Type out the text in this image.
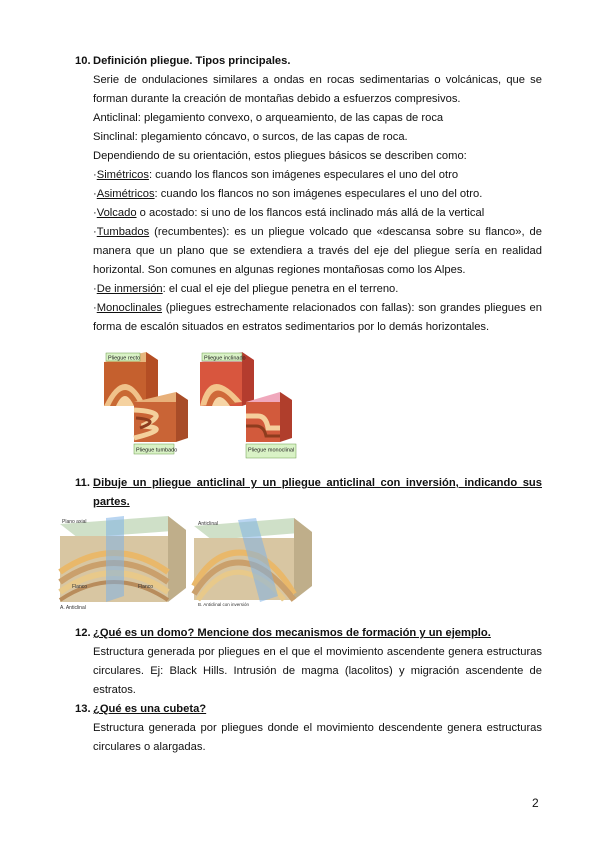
10. Definición pliegue. Tipos principales.
Serie de ondulaciones similares a ondas en rocas sedimentarias o volcánicas, que se forman durante la creación de montañas debido a esfuerzos compresivos.
Anticlinal: plegamiento convexo, o arqueamiento, de las capas de roca
Sinclinal: plegamiento cóncavo, o surcos, de las capas de roca.
Dependiendo de su orientación, estos pliegues básicos se describen como:
·Simétricos: cuando los flancos son imágenes especulares el uno del otro
·Asimétricos: cuando los flancos no son imágenes especulares el uno del otro.
·Volcado o acostado: si uno de los flancos está inclinado más allá de la vertical
·Tumbados (recumbentes): es un pliegue volcado que «descansa sobre su flanco», de manera que un plano que se extendiera a través del eje del pliegue sería en realidad horizontal. Son comunes en algunas regiones montañosas como los Alpes.
·De inmersión: el cual el eje del pliegue penetra en el terreno.
·Monoclinales (pliegues estrechamente relacionados con fallas): son grandes pliegues en forma de escalón situados en estratos sedimentarios por lo demás horizontales.
Pliegue recto	Pliegue inclinado
Pliegue tumbado	Pliegue monoclinal
11. Dibuje un pliegue anticlinal y un pliegue anticlinal con inversión, indicando sus partes.
Plano axial
Flanco	Flanco
A. Anticlinal
Anticlinal
B. Anticlinal con inversión
12. ¿Qué es un domo? Mencione dos mecanismos de formación y un ejemplo.
Estructura generada por pliegues en el que el movimiento ascendente genera estructuras circulares. Ej: Black Hills. Intrusión de magma (lacolitos) y migración ascendente de estratos.
13. ¿Qué es una cubeta?
Estructura generada por pliegues donde el movimiento descendente genera estructuras circulares o alargadas.
2
